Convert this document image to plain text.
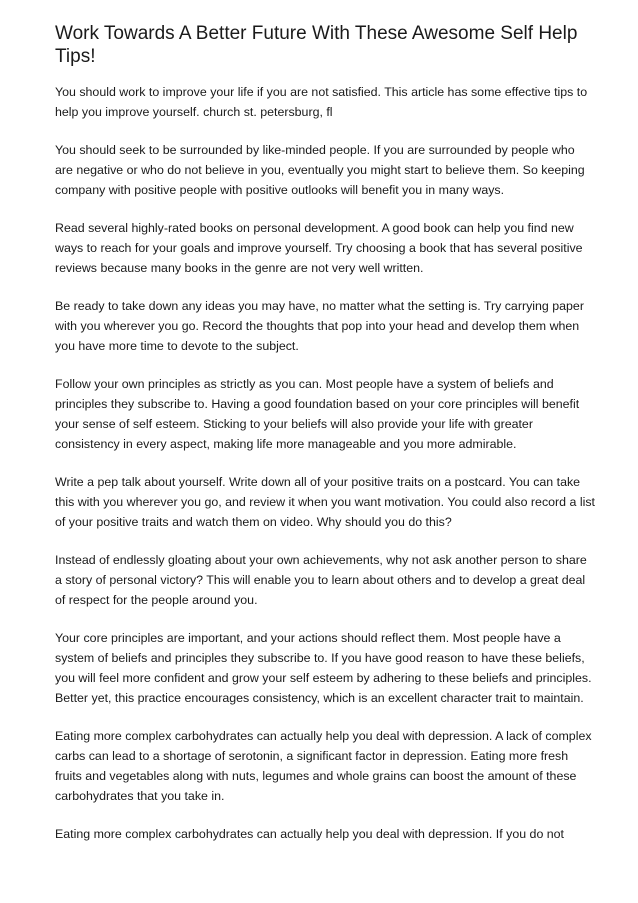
Work Towards A Better Future With These Awesome Self Help Tips!

You should work to improve your life if you are not satisfied. This article has some effective tips to help you improve yourself. church st. petersburg, fl

You should seek to be surrounded by like-minded people. If you are surrounded by people who are negative or who do not believe in you, eventually you might start to believe them. So keeping company with positive people with positive outlooks will benefit you in many ways.

Read several highly-rated books on personal development. A good book can help you find new ways to reach for your goals and improve yourself. Try choosing a book that has several positive reviews because many books in the genre are not very well written.

Be ready to take down any ideas you may have, no matter what the setting is. Try carrying paper with you wherever you go. Record the thoughts that pop into your head and develop them when you have more time to devote to the subject.

Follow your own principles as strictly as you can. Most people have a system of beliefs and principles they subscribe to. Having a good foundation based on your core principles will benefit your sense of self esteem. Sticking to your beliefs will also provide your life with greater consistency in every aspect, making life more manageable and you more admirable.

Write a pep talk about yourself. Write down all of your positive traits on a postcard. You can take this with you wherever you go, and review it when you want motivation. You could also record a list of your positive traits and watch them on video. Why should you do this?

Instead of endlessly gloating about your own achievements, why not ask another person to share a story of personal victory? This will enable you to learn about others and to develop a great deal of respect for the people around you.

Your core principles are important, and your actions should reflect them. Most people have a system of beliefs and principles they subscribe to. If you have good reason to have these beliefs, you will feel more confident and grow your self esteem by adhering to these beliefs and principles. Better yet, this practice encourages consistency, which is an excellent character trait to maintain.

Eating more complex carbohydrates can actually help you deal with depression. A lack of complex carbs can lead to a shortage of serotonin, a significant factor in depression. Eating more fresh fruits and vegetables along with nuts, legumes and whole grains can boost the amount of these carbohydrates that you take in.

Eating more complex carbohydrates can actually help you deal with depression. If you do not
